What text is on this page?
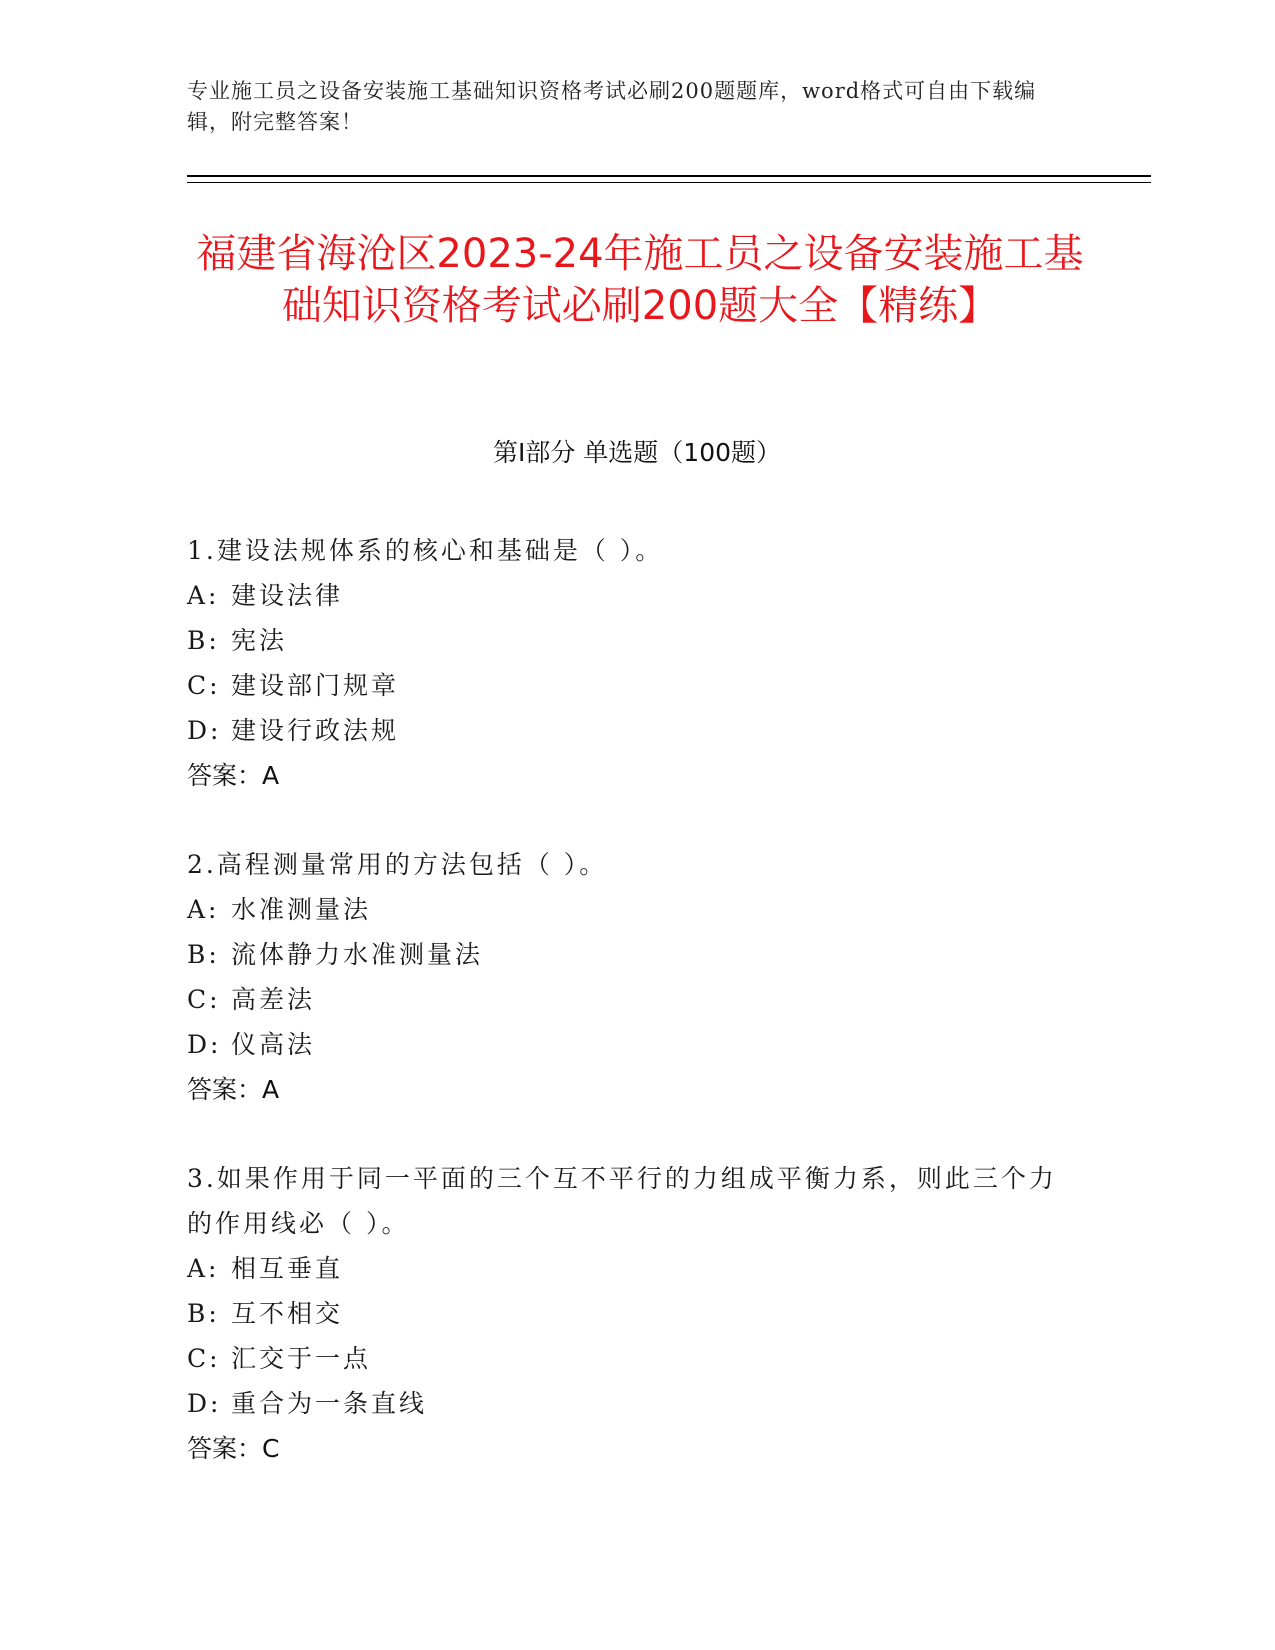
专业施工员之设备安装施工基础知识资格考试必刷200题题库，word格式可自由下载编辑，附完整答案！
福建省海沧区2023-24年施工员之设备安装施工基础知识资格考试必刷200题大全【精练】
第Ⅰ部分 单选题（100题）
1.建设法规体系的核心和基础是（ ）。
A: 建设法律
B: 宪法
C: 建设部门规章
D: 建设行政法规
答案：A
2.高程测量常用的方法包括（ ）。
A: 水准测量法
B: 流体静力水准测量法
C: 高差法
D: 仪高法
答案：A
3.如果作用于同一平面的三个互不平行的力组成平衡力系，则此三个力的作用线必（ ）。
A: 相互垂直
B: 互不相交
C: 汇交于一点
D: 重合为一条直线
答案：C
